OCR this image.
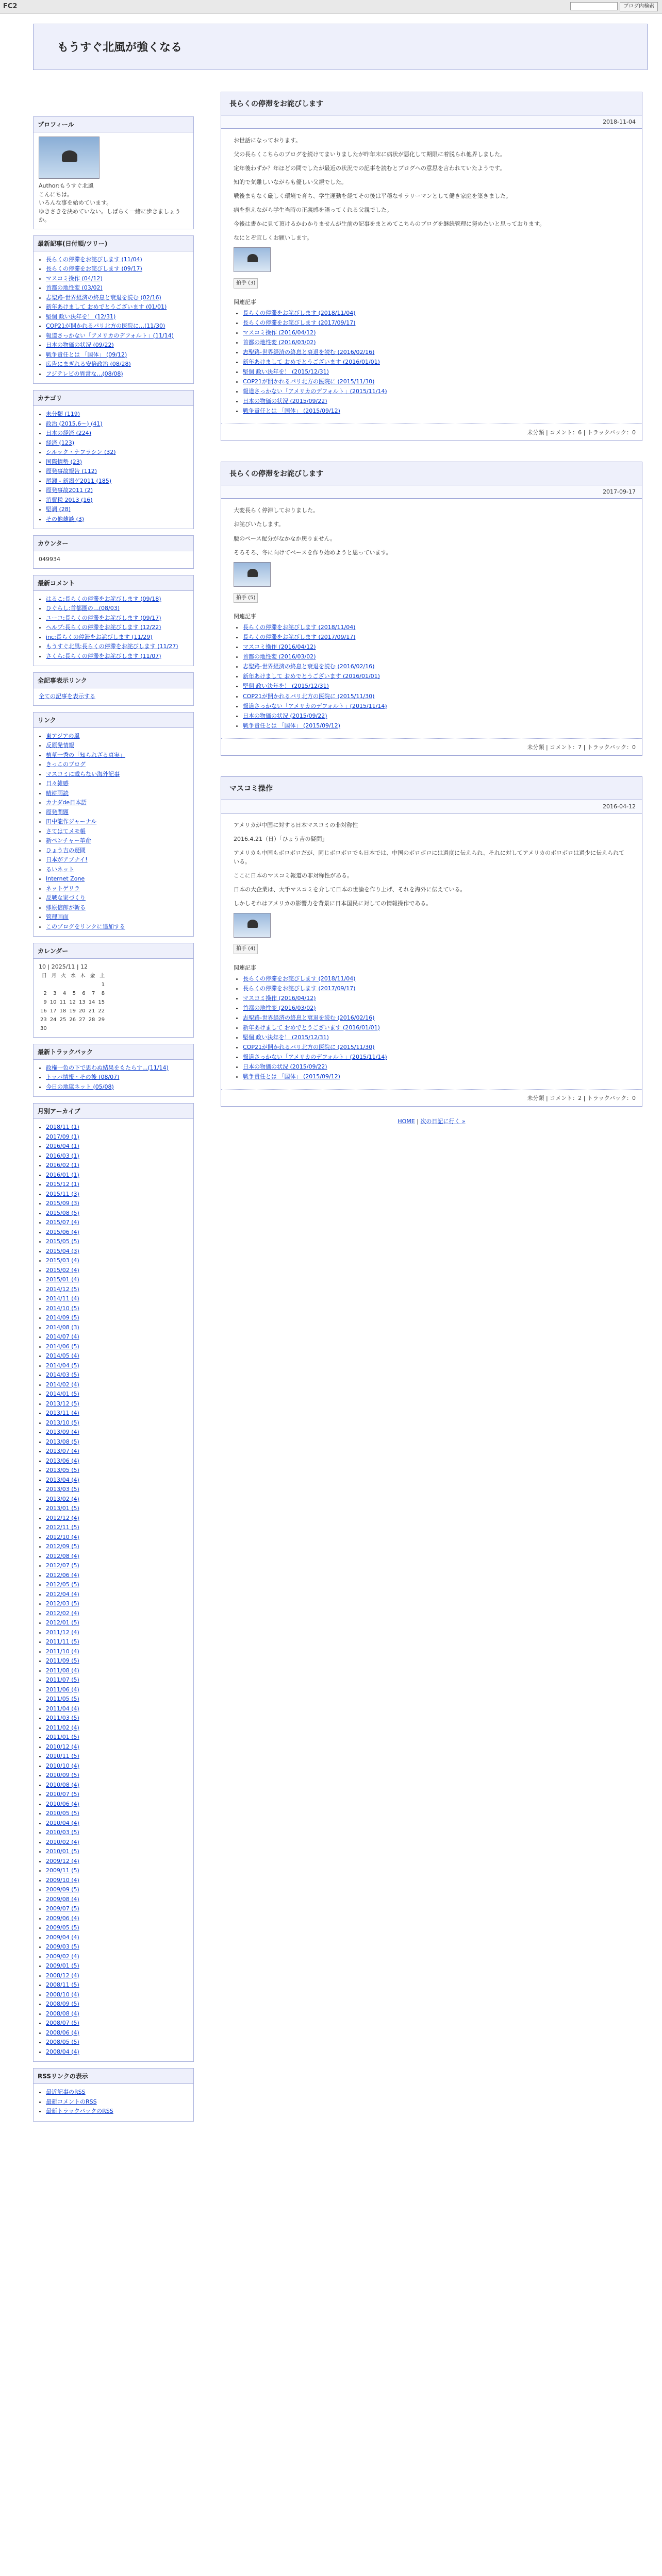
FC2	ブログ内検索
もうすぐ北風が強くなる
プロフィール
Author:もうすぐ北風
こんにちは。
いろんな事を始めています。
ゆきさきを決めていない。しばらく一緒に歩きましょうか。
最新記事(日付順/ツリー)
• 長らくの停滞をお詫びします (11/04)
• 長らくの停滞をお詫びします (09/17)
• マスコミ操作 (04/12)
• 首都の地性変 (03/02)
• 志聖路-世界経済の終息と衰退を読む (02/16)
• 新年あけまして おめでとうございます (01/01)
• 堅個 政い決年を！ (12/31)
• COP21が開かれるパリ北方の医院に…(11/30)
• 報道さっかない「アメリカのデフォルト」(11/14)
• 日本の物価の状況 (09/22)
• 戦争責任とは 「国体」 (09/12)
• 広告にまぎれる安倍政治 (08/28)
• フジテレビの異常な…(08/08)
カテゴリ
• 未分類 (119)
• 政治 (2015.6〜) (41)
• 日本の経済 (224)
• 経済 (123)
• シルック・ナフラシン (32)
• 国際情勢 (23)
• 原発事故報告 (112)
• 尾瀬 ‐ 新潟ゲ2011 (185)
• 原発事故2011 (2)
• 消費税 2013 (16)
• 堅調 (28)
• その他雑談 (3)
カウンター
049934
最新コメント
• はるこ:長らくの停滞をお詫びします (09/18)
• ひぐらし:首都圏の…(08/03)
• ユーコ:長らくの停滞をお詫びします (09/17)
• ヘルプ:長らくの停滞をお詫びします (12/22)
• inc:長らくの停滞をお詫びします (11/29)
• もうすぐ北風:長らくの停滞をお詫びします (11/27)
• さくら:長らくの停滞をお詫びします (11/07)
全記事表示リンク
全ての記事を表示する
リンク
• 東アジアの風
• 反原発情報
• 植草一秀の「知られざる真実」
• きっこのブログ
• マスコミに載らない海外記事
• 日々雑感
• 晴耕雨読
• カナダde日本語
• 原発問題
• 田中龍作ジャーナル
• さてはてメモ帳
• 新ベンチャー革命
• ひょう吉の疑問
• 日本がアブナイ!
• るいネット
• Internet Zone
• ネットゲリラ
• 反戦な家づくり
• 郷原信郎が斬る
• 管理画面
• このブログをリンクに追加する
カレンダー
10 | 2025/11 | 12
日	月	火	水	木	金	土
						1
2	3	4	5	6	7	8
9	10	11	12	13	14	15
16	17	18	19	20	21	22
23	24	25	26	27	28	29
30						
最新トラックバック
• 政権一色の下で思わぬ結果をもたらす...(11/14)
• トッパ情報・その後 (08/07)
• 今日の地獄ネット (05/08)
月別アーカイブ
• 2018/11 (1)
• 2017/09 (1)
• 2016/04 (1)
• 2016/03 (1)
• 2016/02 (1)
• 2016/01 (1)
• 2015/12 (1)
• 2015/11 (3)
• 2015/09 (3)
• 2015/08 (5)
• 2015/07 (4)
• 2015/06 (4)
• 2015/05 (5)
• 2015/04 (3)
• 2015/03 (4)
• 2015/02 (4)
• 2015/01 (4)
• 2014/12 (5)
• 2014/11 (4)
• 2014/10 (5)
• 2014/09 (5)
• 2014/08 (3)
• 2014/07 (4)
• 2014/06 (5)
• 2014/05 (4)
• 2014/04 (5)
• 2014/03 (5)
• 2014/02 (4)
• 2014/01 (5)
• 2013/12 (5)
• 2013/11 (4)
• 2013/10 (5)
• 2013/09 (4)
• 2013/08 (5)
• 2013/07 (4)
• 2013/06 (4)
• 2013/05 (5)
• 2013/04 (4)
• 2013/03 (5)
• 2013/02 (4)
• 2013/01 (5)
• 2012/12 (4)
• 2012/11 (5)
• 2012/10 (4)
• 2012/09 (5)
• 2012/08 (4)
• 2012/07 (5)
• 2012/06 (4)
• 2012/05 (5)
• 2012/04 (4)
• 2012/03 (5)
• 2012/02 (4)
• 2012/01 (5)
• 2011/12 (4)
• 2011/11 (5)
• 2011/10 (4)
• 2011/09 (5)
• 2011/08 (4)
• 2011/07 (5)
• 2011/06 (4)
• 2011/05 (5)
• 2011/04 (4)
• 2011/03 (5)
• 2011/02 (4)
• 2011/01 (5)
• 2010/12 (4)
• 2010/11 (5)
• 2010/10 (4)
• 2010/09 (5)
• 2010/08 (4)
• 2010/07 (5)
• 2010/06 (4)
• 2010/05 (5)
• 2010/04 (4)
• 2010/03 (5)
• 2010/02 (4)
• 2010/01 (5)
• 2009/12 (4)
• 2009/11 (5)
• 2009/10 (4)
• 2009/09 (5)
• 2009/08 (4)
• 2009/07 (5)
• 2009/06 (4)
• 2009/05 (5)
• 2009/04 (4)
• 2009/03 (5)
• 2009/02 (4)
• 2009/01 (5)
• 2008/12 (4)
• 2008/11 (5)
• 2008/10 (4)
• 2008/09 (5)
• 2008/08 (4)
• 2008/07 (5)
• 2008/06 (4)
• 2008/05 (5)
• 2008/04 (4)
RSSリンクの表示
• 最近記事のRSS
• 最新コメントのRSS
• 最新トラックバックのRSS
長らくの停滞をお詫びします
2018-11-04

お世話になっております。

父の長らくこちらのブログを続けてまいりましたが昨年末に病状が悪化して期限に着脱られ他界しました。

定年後わずか？年ほどの間でしたが最近の状況での記事を読むとブログへの意思を言われていたようです。

知的で気難しいながらも優しい父親でした。

戦後まもなく厳しく環境で育ち、学生運動を経てその後は平穏なサラリーマンとして働き家庭を築きました。

病を抱えながら学生当時の正義感を語ってくれる父親でした。

今後は書かに見て頂けるかわかりませんが生前の記事をまとめてこちらのブログを継続管理に努めたいと思っております。

なにとぞ宜しくお願いします。

拍手 (3)
関連記事
• 長らくの停滞をお詫びします (2018/11/04)
• 長らくの停滞をお詫びします (2017/09/17)
• マスコミ操作 (2016/04/12)
• 首都の地性変 (2016/03/02)
• 志聖路-世界経済の終息と衰退を読む (2016/02/16)
• 新年あけまして おめでとうございます (2016/01/01)
• 堅個 政い決年を！ (2015/12/31)
• COP21が開かれるパリ北方の医院に (2015/11/30)
• 報道さっかない「アメリカのデフォルト」(2015/11/14)
• 日本の物価の状況 (2015/09/22)
• 戦争責任とは 「国体」 (2015/09/12)
未分類 | コメント：6 | トラックバック：0
長らくの停滞をお詫びします
2017-09-17

大変長らく停滞しておりました。

お詫びいたします。

腰のペース配分がなかなか戻りません。

そろそろ、冬に向けてペースを作り始めようと思っています。

拍手 (5)
関連記事
• 長らくの停滞をお詫びします (2018/11/04)
• 長らくの停滞をお詫びします (2017/09/17)
• マスコミ操作 (2016/04/12)
• 首都の地性変 (2016/03/02)
• 志聖路-世界経済の終息と衰退を読む (2016/02/16)
• 新年あけまして おめでとうございます (2016/01/01)
• 堅個 政い決年を！ (2015/12/31)
• COP21が開かれるパリ北方の医院に (2015/11/30)
• 報道さっかない「アメリカのデフォルト」(2015/11/14)
• 日本の物価の状況 (2015/09/22)
• 戦争責任とは 「国体」 (2015/09/12)
未分類 | コメント：7 | トラックバック：0
マスコミ操作
2016-04-12

アメリカが中国に対する日本マスコミの非対称性

2016.4.21（日）「ひょう吉の疑問」

アメリカも中国もボロボロだが、同じボロボロでも日本では、中国のボロボロには過度に伝えられ、それに対してアメリカのボロボロは過少に伝えられている。

ここに日本のマスコミ報道の非対称性がある。

日本の大企業は、大手マスコミを介して日本の世論を作り上げ、それを海外に伝えている。

しかしそれはアメリカの影響力を背景に日本国民に対しての情報操作である。

拍手 (4)
関連記事
• 長らくの停滞をお詫びします (2018/11/04)
• 長らくの停滞をお詫びします (2017/09/17)
• マスコミ操作 (2016/04/12)
• 首都の地性変 (2016/03/02)
• 志聖路-世界経済の終息と衰退を読む (2016/02/16)
• 新年あけまして おめでとうございます (2016/01/01)
• 堅個 政い決年を！ (2015/12/31)
• COP21が開かれるパリ北方の医院に (2015/11/30)
• 報道さっかない「アメリカのデフォルト」(2015/11/14)
• 日本の物価の状況 (2015/09/22)
• 戦争責任とは 「国体」 (2015/09/12)
未分類 | コメント：2 | トラックバック：0
HOME | 次の日記に行く »
